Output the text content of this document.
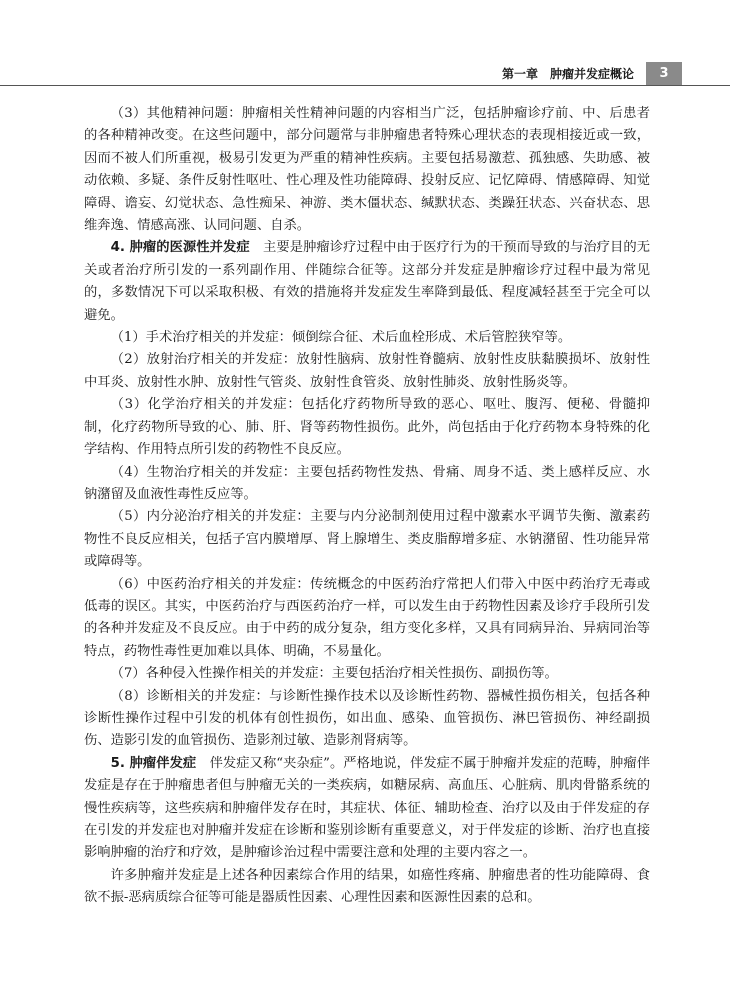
第一章 肿瘤并发症概论	3

（3）其他精神问题：肿瘤相关性精神问题的内容相当广泛，包括肿瘤诊疗前、中、后患者的各种精神改变。在这些问题中，部分问题常与非肿瘤患者特殊心理状态的表现相接近或一致，因而不被人们所重视，极易引发更为严重的精神性疾病。主要包括易激惹、孤独感、失助感、被动依赖、多疑、条件反射性呕吐、性心理及性功能障碍、投射反应、记忆障碍、情感障碍、知觉障碍、谵妄、幻觉状态、急性痴呆、神游、类木僵状态、缄默状态、类躁狂状态、兴奋状态、思维奔逸、情感高涨、认同问题、自杀。

4. 肿瘤的医源性并发症　 主要是肿瘤诊疗过程中由于医疗行为的干预而导致的与治疗目的无关或者治疗所引发的一系列副作用、伴随综合征等。这部分并发症是肿瘤诊疗过程中最为常见的，多数情况下可以采取积极、有效的措施将并发症发生率降到最低、程度减轻甚至于完全可以避免。

（1）手术治疗相关的并发症：倾倒综合征、术后血栓形成、术后管腔狭窄等。

（2）放射治疗相关的并发症：放射性脑病、放射性脊髓病、放射性皮肤黏膜损坏、放射性中耳炎、放射性水肿、放射性气管炎、放射性食管炎、放射性肺炎、放射性肠炎等。

（3）化学治疗相关的并发症：包括化疗药物所导致的恶心、呕吐、腹泻、便秘、骨髓抑制，化疗药物所导致的心、肺、肝、肾等药物性损伤。此外，尚包括由于化疗药物本身特殊的化学结构、作用特点所引发的药物性不良反应。

（4）生物治疗相关的并发症：主要包括药物性发热、骨痛、周身不适、类上感样反应、水钠潴留及血液性毒性反应等。

（5）内分泌治疗相关的并发症：主要与内分泌制剂使用过程中激素水平调节失衡、激素药物性不良反应相关，包括子宫内膜增厚、肾上腺增生、类皮脂醇增多症、水钠潴留、性功能异常或障碍等。

（6）中医药治疗相关的并发症：传统概念的中医药治疗常把人们带入中医中药治疗无毒或低毒的误区。其实，中医药治疗与西医药治疗一样，可以发生由于药物性因素及诊疗手段所引发的各种并发症及不良反应。由于中药的成分复杂，组方变化多样，又具有同病异治、异病同治等特点，药物性毒性更加难以具体、明确，不易量化。

（7）各种侵入性操作相关的并发症：主要包括治疗相关性损伤、副损伤等。

（8）诊断相关的并发症：与诊断性操作技术以及诊断性药物、器械性损伤相关，包括各种诊断性操作过程中引发的机体有创性损伤，如出血、感染、血管损伤、淋巴管损伤、神经副损伤、造影引发的血管损伤、造影剂过敏、造影剂肾病等。

5. 肿瘤伴发症　 伴发症又称“夹杂症”。严格地说，伴发症不属于肿瘤并发症的范畴，肿瘤伴发症是存在于肿瘤患者但与肿瘤无关的一类疾病，如糖尿病、高血压、心脏病、肌肉骨骼系统的慢性疾病等，这些疾病和肿瘤伴发存在时，其症状、体征、辅助检查、治疗以及由于伴发症的存在引发的并发症也对肿瘤并发症在诊断和鉴别诊断有重要意义，对于伴发症的诊断、治疗也直接影响肿瘤的治疗和疗效，是肿瘤诊治过程中需要注意和处理的主要内容之一。

许多肿瘤并发症是上述各种因素综合作用的结果，如癌性疼痛、肿瘤患者的性功能障碍、食欲不振-恶病质综合征等可能是器质性因素、心理性因素和医源性因素的总和。
